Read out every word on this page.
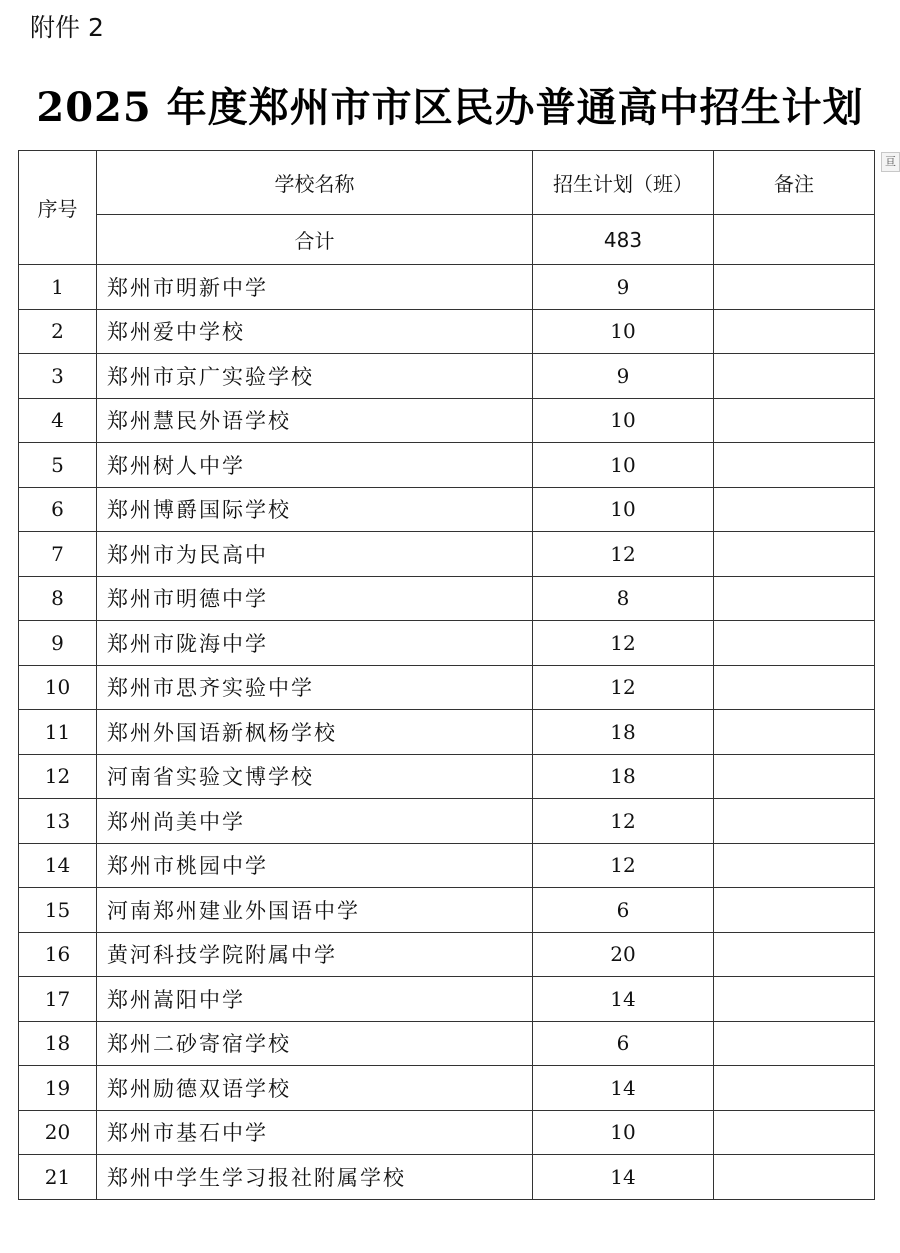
附件 2
2025 年度郑州市市区民办普通高中招生计划
亘
序号	学校名称	招生计划（班）	备注
	合计	483	
1	郑州市明新中学	9	
2	郑州爱中学校	10	
3	郑州市京广实验学校	9	
4	郑州慧民外语学校	10	
5	郑州树人中学	10	
6	郑州博爵国际学校	10	
7	郑州市为民高中	12	
8	郑州市明德中学	8	
9	郑州市陇海中学	12	
10	郑州市思齐实验中学	12	
11	郑州外国语新枫杨学校	18	
12	河南省实验文博学校	18	
13	郑州尚美中学	12	
14	郑州市桃园中学	12	
15	河南郑州建业外国语中学	6	
16	黄河科技学院附属中学	20	
17	郑州嵩阳中学	14	
18	郑州二砂寄宿学校	6	
19	郑州励德双语学校	14	
20	郑州市基石中学	10	
21	郑州中学生学习报社附属学校	14	
